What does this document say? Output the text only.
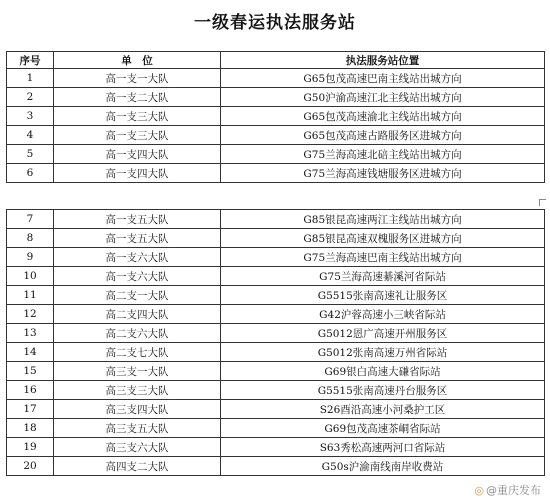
一级春运执法服务站
序号	单　位	执法服务站位置
1	高一支一大队	G65包茂高速巴南主线站出城方向
2	高一支二大队	G50沪渝高速江北主线站出城方向
3	高一支三大队	G65包茂高速渝北主线站出城方向
4	高一支三大队	G65包茂高速古路服务区进城方向
5	高一支四大队	G75兰海高速北碚主线站出城方向
6	高一支四大队	G75兰海高速钱塘服务区进城方向
7	高一支五大队	G85银昆高速两江主线站出城方向
8	高一支五大队	G85银昆高速双槐服务区进城方向
9	高一支六大队	G75兰海高速巴南主线站出城方向
10	高一支六大队	G75兰海高速綦溪河省际站
11	高二支一大队	G5515张南高速礼让服务区
12	高二支四大队	G42沪蓉高速小三峡省际站
13	高二支六大队	G5012恩广高速开州服务区
14	高二支七大队	G5012张南高速万州省际站
15	高三支一大队	G69银白高速大磏省际站
16	高三支三大队	G5515张南高速丹台服务区
17	高三支四大队	S26酉沿高速小河桑护工区
18	高三支五大队	G69包茂高速茶峒省际站
19	高三支六大队	S63秀松高速两河口省际站
20	高四支二大队	G50s沪渝南线南岸收费站
◎ @重庆发布
